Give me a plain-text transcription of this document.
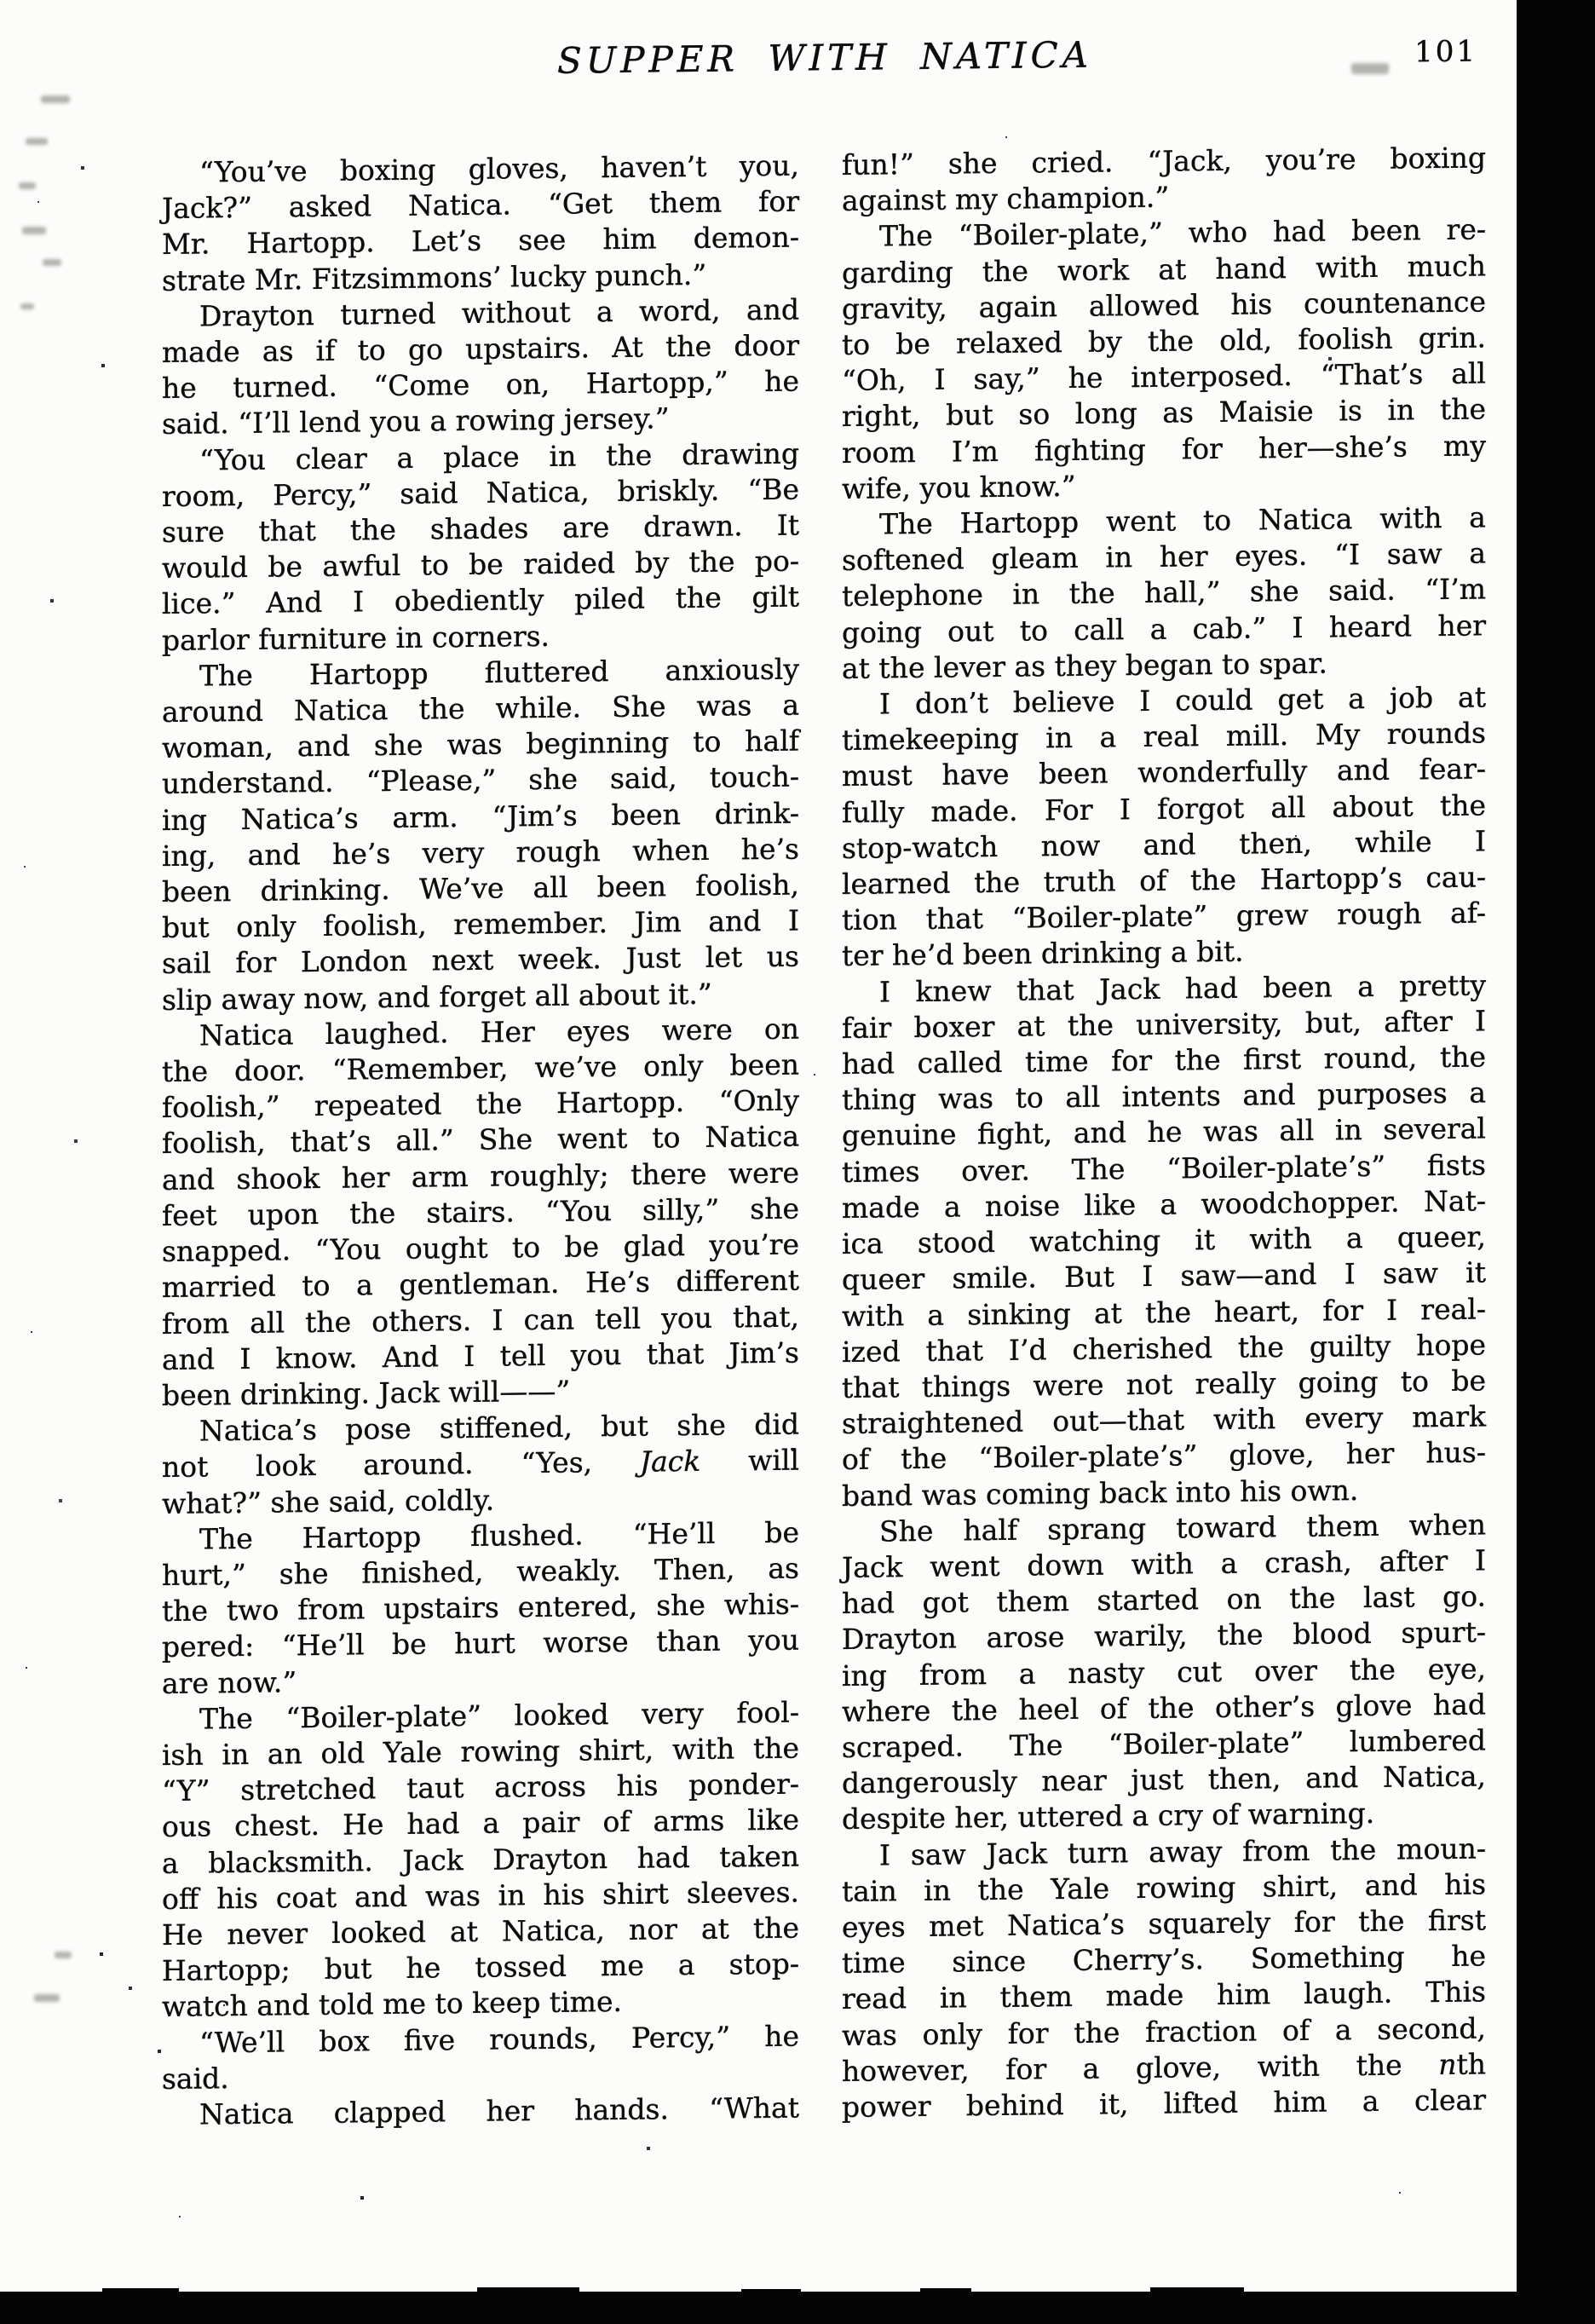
SUPPER WITH NATICA	101
“You’ve boxing gloves, haven’t you,
Jack?” asked Natica. “Get them for
Mr. Hartopp. Let’s see him demon-
strate Mr. Fitzsimmons’ lucky punch.”
Drayton turned without a word, and
made as if to go upstairs. At the door
he turned. “Come on, Hartopp,” he
said. “I’ll lend you a rowing jersey.”
“You clear a place in the drawing
room, Percy,” said Natica, briskly. “Be
sure that the shades are drawn. It
would be awful to be raided by the po-
lice.” And I obediently piled the gilt
parlor furniture in corners.
The Hartopp fluttered anxiously
around Natica the while. She was a
woman, and she was beginning to half
understand. “Please,” she said, touch-
ing Natica’s arm. “Jim’s been drink-
ing, and he’s very rough when he’s
been drinking. We’ve all been foolish,
but only foolish, remember. Jim and I
sail for London next week. Just let us
slip away now, and forget all about it.”
Natica laughed. Her eyes were on
the door. “Remember, we’ve only been
foolish,” repeated the Hartopp. “Only
foolish, that’s all.” She went to Natica
and shook her arm roughly; there were
feet upon the stairs. “You silly,” she
snapped. “You ought to be glad you’re
married to a gentleman. He’s different
from all the others. I can tell you that,
and I know. And I tell you that Jim’s
been drinking. Jack will——”
Natica’s pose stiffened, but she did
not look around. “Yes, Jack will
what?” she said, coldly.
The Hartopp flushed. “He’ll be
hurt,” she finished, weakly. Then, as
the two from upstairs entered, she whis-
pered: “He’ll be hurt worse than you
are now.”
The “Boiler-plate” looked very fool-
ish in an old Yale rowing shirt, with the
“Y” stretched taut across his ponder-
ous chest. He had a pair of arms like
a blacksmith. Jack Drayton had taken
off his coat and was in his shirt sleeves.
He never looked at Natica, nor at the
Hartopp; but he tossed me a stop-
watch and told me to keep time.
“We’ll box five rounds, Percy,” he
said.
Natica clapped her hands. “What
fun!” she cried. “Jack, you’re boxing
against my champion.”
The “Boiler-plate,” who had been re-
garding the work at hand with much
gravity, again allowed his countenance
to be relaxed by the old, foolish grin.
“Oh, I say,” he interposed. “That’s all
right, but so long as Maisie is in the
room I’m fighting for her—she’s my
wife, you know.”
The Hartopp went to Natica with a
softened gleam in her eyes. “I saw a
telephone in the hall,” she said. “I’m
going out to call a cab.” I heard her
at the lever as they began to spar.
I don’t believe I could get a job at
timekeeping in a real mill. My rounds
must have been wonderfully and fear-
fully made. For I forgot all about the
stop-watch now and then, while I
learned the truth of the Hartopp’s cau-
tion that “Boiler-plate” grew rough af-
ter he’d been drinking a bit.
I knew that Jack had been a pretty
fair boxer at the university, but, after I
had called time for the first round, the
thing was to all intents and purposes a
genuine fight, and he was all in several
times over. The “Boiler-plate’s” fists
made a noise like a woodchopper. Nat-
ica stood watching it with a queer,
queer smile. But I saw—and I saw it
with a sinking at the heart, for I real-
ized that I’d cherished the guilty hope
that things were not really going to be
straightened out—that with every mark
of the “Boiler-plate’s” glove, her hus-
band was coming back into his own.
She half sprang toward them when
Jack went down with a crash, after I
had got them started on the last go.
Drayton arose warily, the blood spurt-
ing from a nasty cut over the eye,
where the heel of the other’s glove had
scraped. The “Boiler-plate” lumbered
dangerously near just then, and Natica,
despite her, uttered a cry of warning.
I saw Jack turn away from the moun-
tain in the Yale rowing shirt, and his
eyes met Natica’s squarely for the first
time since Cherry’s. Something he
read in them made him laugh. This
was only for the fraction of a second,
however, for a glove, with the nth
power behind it, lifted him a clear
